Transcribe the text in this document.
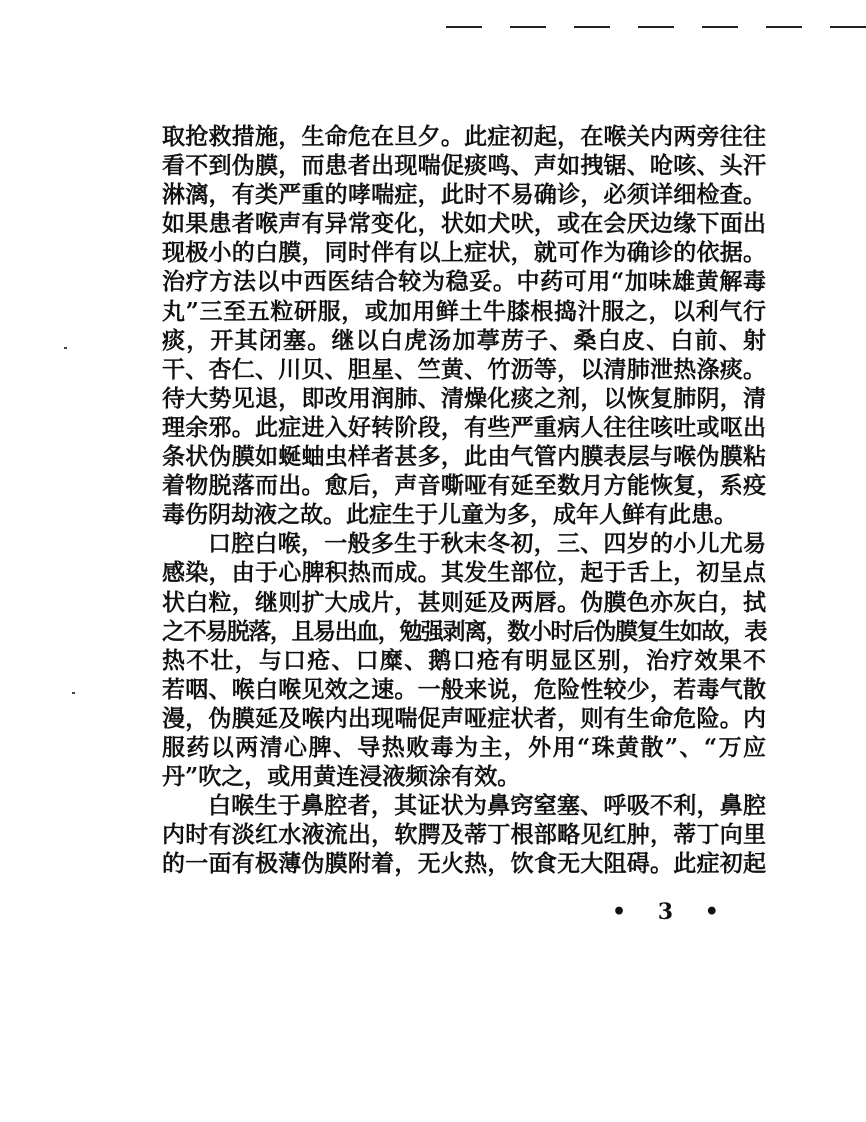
取抢救措施，生命危在旦夕。此症初起，在喉关内两旁往往
看不到伪膜，而患者出现喘促痰鸣、声如拽锯、呛咳、头汗
淋漓，有类严重的哮喘症，此时不易确诊，必须详细检查。
如果患者喉声有异常变化，状如犬吠，或在会厌边缘下面出
现极小的白膜，同时伴有以上症状，就可作为确诊的依据。
治疗方法以中西医结合较为稳妥。中药可用“加味雄黄解毒
丸”三至五粒研服，或加用鲜土牛膝根捣汁服之，以利气行
痰，开其闭塞。继以白虎汤加葶苈子、桑白皮、白前、射
干、杏仁、川贝、胆星、竺黄、竹沥等，以清肺泄热涤痰。
待大势见退，即改用润肺、清燥化痰之剂，以恢复肺阴，清
理余邪。此症进入好转阶段，有些严重病人往往咳吐或呕出
条状伪膜如蜒蚰虫样者甚多，此由气管内膜表层与喉伪膜粘
着物脱落而出。愈后，声音嘶哑有延至数月方能恢复，系疫
毒伤阴劫液之故。此症生于儿童为多，成年人鲜有此患。
口腔白喉，一般多生于秋末冬初，三、四岁的小儿尤易
感染，由于心脾积热而成。其发生部位，起于舌上，初呈点
状白粒，继则扩大成片，甚则延及两唇。伪膜色亦灰白，拭
之不易脱落，且易出血，勉强剥离，数小时后伪膜复生如故，表
热不壮，与口疮、口糜、鹅口疮有明显区别，治疗效果不
若咽、喉白喉见效之速。一般来说，危险性较少，若毒气散
漫，伪膜延及喉内出现喘促声哑症状者，则有生命危险。内
服药以两清心脾、导热败毒为主，外用“珠黄散”、“万应
丹”吹之，或用黄连浸液频涂有效。
白喉生于鼻腔者，其证状为鼻窍窒塞、呼吸不利，鼻腔
内时有淡红水液流出，软腭及蒂丁根部略见红肿，蒂丁向里
的一面有极薄伪膜附着，无火热，饮食无大阻碍。此症初起
• 3 •
